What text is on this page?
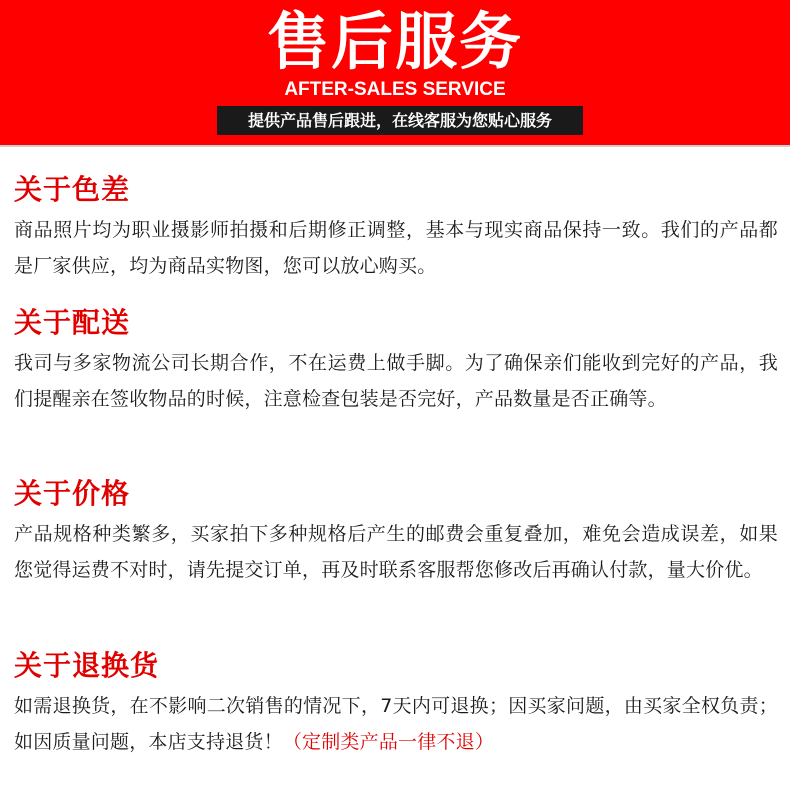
售后服务
AFTER-SALES SERVICE
提供产品售后跟进，在线客服为您贴心服务
关于色差

商品照片均为职业摄影师拍摄和后期修正调整，基本与现实商品保持一致。我们的产品都是厂家供应，均为商品实物图，您可以放心购买。

关于配送

我司与多家物流公司长期合作，不在运费上做手脚。为了确保亲们能收到完好的产品，我们提醒亲在签收物品的时候，注意检查包装是否完好，产品数量是否正确等。

关于价格

产品规格种类繁多，买家拍下多种规格后产生的邮费会重复叠加，难免会造成误差，如果您觉得运费不对时，请先提交订单，再及时联系客服帮您修改后再确认付款，量大价优。

关于退换货

如需退换货，在不影响二次销售的情况下，7天内可退换；因买家问题，由买家全权负责；如因质量问题，本店支持退货！（定制类产品一律不退）
